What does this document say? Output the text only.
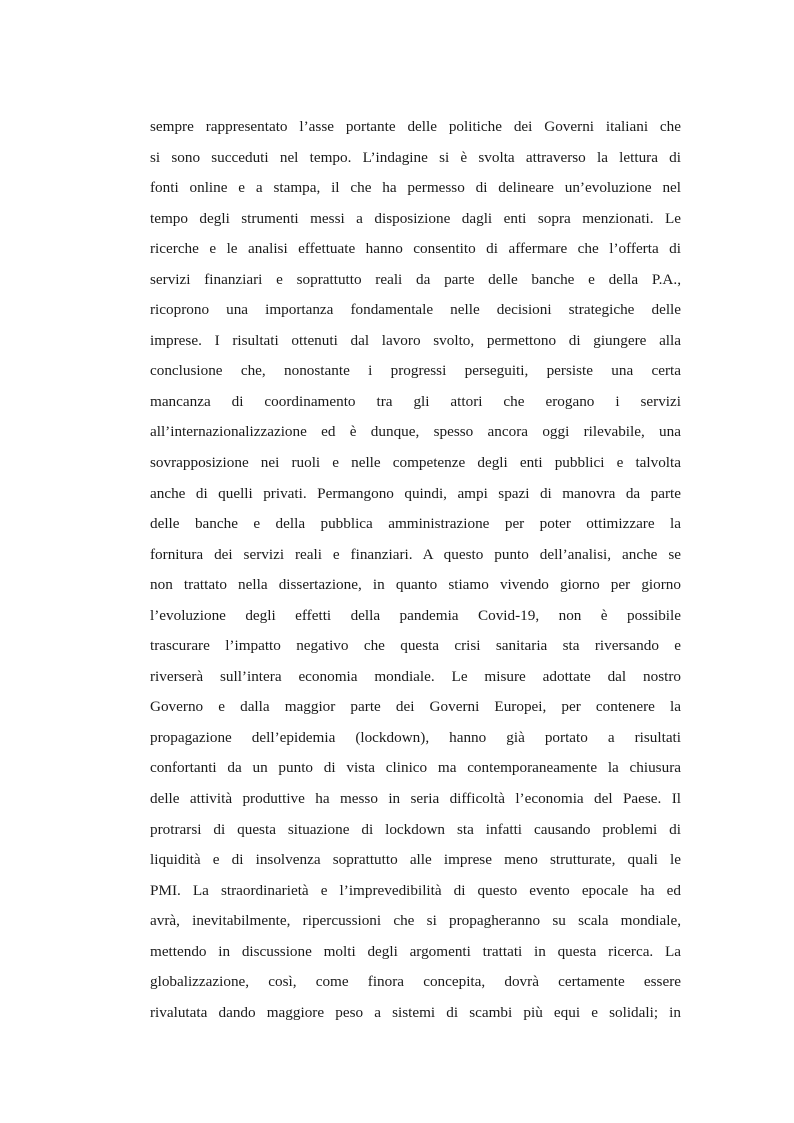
sempre rappresentato l’asse portante delle politiche dei Governi italiani che
si sono succeduti nel tempo. L’indagine si è svolta attraverso la lettura di
fonti online e a stampa, il che ha permesso di delineare un’evoluzione nel
tempo degli strumenti messi a disposizione dagli enti sopra menzionati. Le
ricerche e le analisi effettuate hanno consentito di affermare che l’offerta di
servizi finanziari e soprattutto reali da parte delle banche e della P.A.,
ricoprono una importanza fondamentale nelle decisioni strategiche delle
imprese. I risultati ottenuti dal lavoro svolto, permettono di giungere alla
conclusione che, nonostante i progressi perseguiti, persiste una certa
mancanza di coordinamento tra gli attori che erogano i servizi
all’internazionalizzazione ed è dunque, spesso ancora oggi rilevabile, una
sovrapposizione nei ruoli e nelle competenze degli enti pubblici e talvolta
anche di quelli privati. Permangono quindi, ampi spazi di manovra da parte
delle banche e della pubblica amministrazione per poter ottimizzare la
fornitura dei servizi reali e finanziari. A questo punto dell’analisi, anche se
non trattato nella dissertazione, in quanto stiamo vivendo giorno per giorno
l’evoluzione degli effetti della pandemia Covid-19, non è possibile
trascurare l’impatto negativo che questa crisi sanitaria sta riversando e
riverserà sull’intera economia mondiale. Le misure adottate dal nostro
Governo e dalla maggior parte dei Governi Europei, per contenere la
propagazione dell’epidemia (lockdown), hanno già portato a risultati
confortanti da un punto di vista clinico ma contemporaneamente la chiusura
delle attività produttive ha messo in seria difficoltà l’economia del Paese. Il
protrarsi di questa situazione di lockdown sta infatti causando problemi di
liquidità e di insolvenza soprattutto alle imprese meno strutturate, quali le
PMI. La straordinarietà e l’imprevedibilità di questo evento epocale ha ed
avrà, inevitabilmente, ripercussioni che si propagheranno su scala mondiale,
mettendo in discussione molti degli argomenti trattati in questa ricerca. La
globalizzazione, così, come finora concepita, dovrà certamente essere
rivalutata dando maggiore peso a sistemi di scambi più equi e solidali; in
